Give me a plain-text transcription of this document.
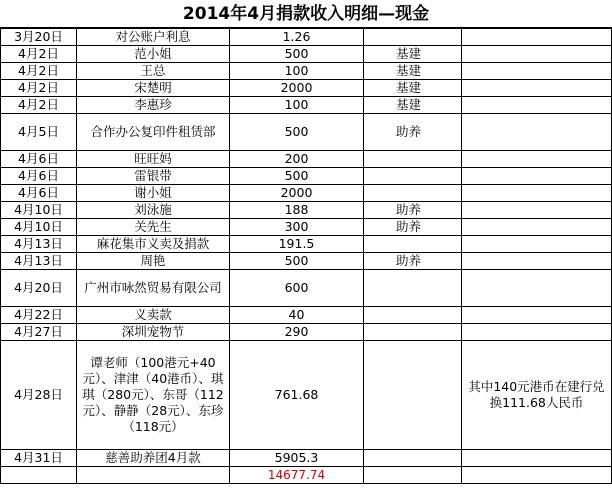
2014年4月捐款收入明细—现金
3月20日	对公账户利息	1.26		
4月2日	范小姐	500	基建	
4月2日	王总	100	基建	
4月2日	宋楚明	2000	基建	
4月2日	李惠珍	100	基建	
4月5日	合作办公复印件租赁部	500	助养	
4月6日	旺旺妈	200		
4月6日	雷银带	500		
4月6日	谢小姐	2000		
4月10日	刘泳施	188	助养	
4月10日	关先生	300	助养	
4月13日	麻花集市义卖及捐款	191.5		
4月13日	周艳	500	助养	
4月20日	广州市咏然贸易有限公司	600		
4月22日	义卖款	40		
4月27日	深圳宠物节	290		
4月28日	谭老师（100港元+40元）、津津（40港币）、琪琪（280元）、东哥（112元）、静静（28元）、东珍（118元）	761.68		其中140元港币在建行兑换111.68人民币
4月31日	慈善助养团4月款	5905.3		
		14677.74		
